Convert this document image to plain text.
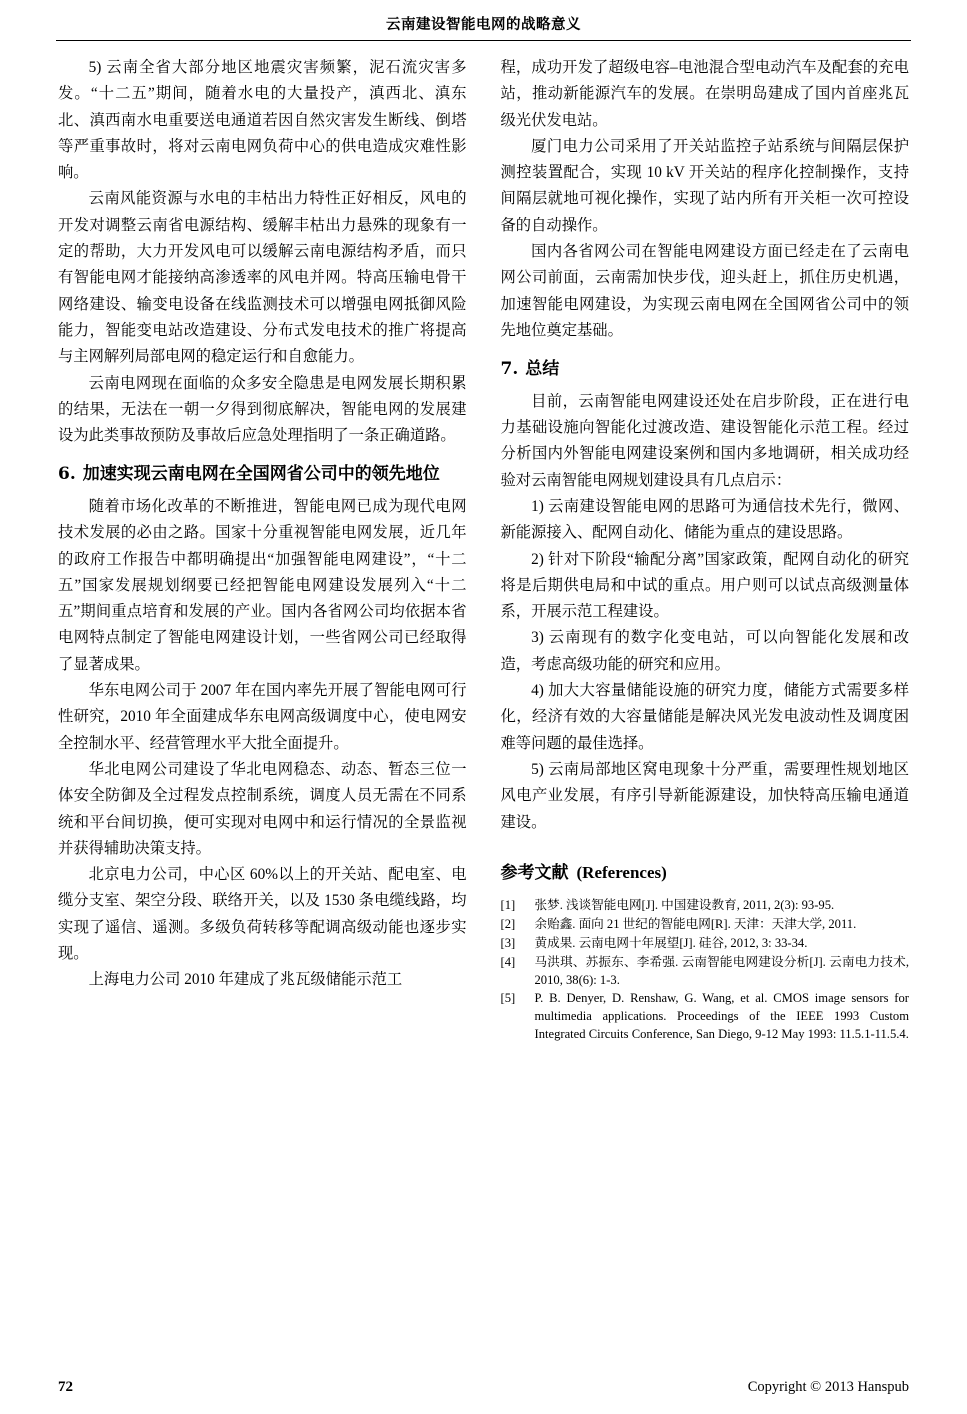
云南建设智能电网的战略意义

5) 云南全省大部分地区地震灾害频繁，泥石流灾害多发。“十二五”期间，随着水电的大量投产，滇西北、滇东北、滇西南水电重要送电通道若因自然灾害发生断线、倒塔等严重事故时，将对云南电网负荷中心的供电造成灾难性影响。

云南风能资源与水电的丰枯出力特性正好相反，风电的开发对调整云南省电源结构、缓解丰枯出力悬殊的现象有一定的帮助，大力开发风电可以缓解云南电源结构矛盾，而只有智能电网才能接纳高渗透率的风电并网。特高压输电骨干网络建设、输变电设备在线监测技术可以增强电网抵御风险能力，智能变电站改造建设、分布式发电技术的推广将提高与主网解列局部电网的稳定运行和自愈能力。

云南电网现在面临的众多安全隐患是电网发展长期积累的结果，无法在一朝一夕得到彻底解决，智能电网的发展建设为此类事故预防及事故后应急处理指明了一条正确道路。

6. 加速实现云南电网在全国网省公司中的领先地位

随着市场化改革的不断推进，智能电网已成为现代电网技术发展的必由之路。国家十分重视智能电网发展，近几年的政府工作报告中都明确提出“加强智能电网建设”，“十二五”国家发展规划纲要已经把智能电网建设发展列入“十二五”期间重点培育和发展的产业。国内各省网公司均依据本省电网特点制定了智能电网建设计划，一些省网公司已经取得了显著成果。

华东电网公司于 2007 年在国内率先开展了智能电网可行性研究，2010 年全面建成华东电网高级调度中心，使电网安全控制水平、经营管理水平大批全面提升。

华北电网公司建设了华北电网稳态、动态、暂态三位一体安全防御及全过程发点控制系统，调度人员无需在不同系统和平台间切换，便可实现对电网中和运行情况的全景监视并获得辅助决策支持。

北京电力公司，中心区 60%以上的开关站、配电室、电缆分支室、架空分段、联络开关，以及 1530 条电缆线路，均实现了遥信、遥测。多级负荷转移等配调高级动能也逐步实现。

上海电力公司 2010 年建成了兆瓦级储能示范工

程，成功开发了超级电容‒电池混合型电动汽车及配套的充电站，推动新能源汽车的发展。在崇明岛建成了国内首座兆瓦级光伏发电站。

厦门电力公司采用了开关站监控子站系统与间隔层保护测控装置配合，实现 10 kV 开关站的程序化控制操作，支持间隔层就地可视化操作，实现了站内所有开关柜一次可控设备的自动操作。

国内各省网公司在智能电网建设方面已经走在了云南电网公司前面，云南需加快步伐，迎头赶上，抓住历史机遇，加速智能电网建设，为实现云南电网在全国网省公司中的领先地位奠定基础。

7. 总结

目前，云南智能电网建设还处在启步阶段，正在进行电力基础设施向智能化过渡改造、建设智能化示范工程。经过分析国内外智能电网建设案例和国内多地调研，相关成功经验对云南智能电网规划建设具有几点启示：

1) 云南建设智能电网的思路可为通信技术先行，微网、新能源接入、配网自动化、储能为重点的建设思路。

2) 针对下阶段“输配分离”国家政策，配网自动化的研究将是后期供电局和中试的重点。用户则可以试点高级测量体系，开展示范工程建设。

3) 云南现有的数字化变电站，可以向智能化发展和改造，考虑高级功能的研究和应用。

4) 加大大容量储能设施的研究力度，储能方式需要多样化，经济有效的大容量储能是解决风光发电波动性及调度困难等问题的最佳选择。

5) 云南局部地区窝电现象十分严重，需要理性规划地区风电产业发展，有序引导新能源建设，加快特高压输电通道建设。

参考文献 (References)
[1]	张梦. 浅谈智能电网[J]. 中国建设教育, 2011, 2(3): 93-95.
[2]	余贻鑫. 面向 21 世纪的智能电网[R]. 天津：天津大学, 2011.
[3]	黄成果. 云南电网十年展望[J]. 硅谷, 2012, 3: 33-34.
[4]	马洪琪、苏振东、李希强. 云南智能电网建设分析[J]. 云南电力技术, 2010, 38(6): 1-3.
[5]	P. B. Denyer, D. Renshaw, G. Wang, et al. CMOS image sensors for multimedia applications. Proceedings of the IEEE 1993 Custom Integrated Circuits Conference, San Diego, 9-12 May 1993: 11.5.1-11.5.4.
72	Copyright © 2013 Hanspub
